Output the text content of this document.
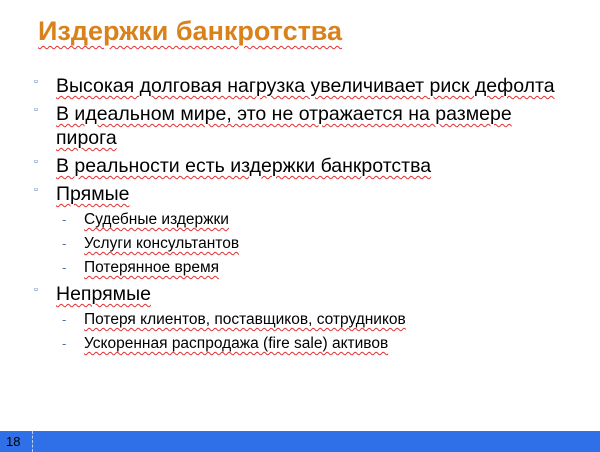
Издержки банкротства
▫ Высокая долговая нагрузка увеличивает риск дефолта
▫ В идеальном мире, это не отражается на размере пирога
▫ В реальности есть издержки банкротства
▫ Прямые
- Судебные издержки
- Услуги консультантов
- Потерянное время
▫ Непрямые
- Потеря клиентов, поставщиков, сотрудников
- Ускоренная распродажа (fire sale) активов
18
